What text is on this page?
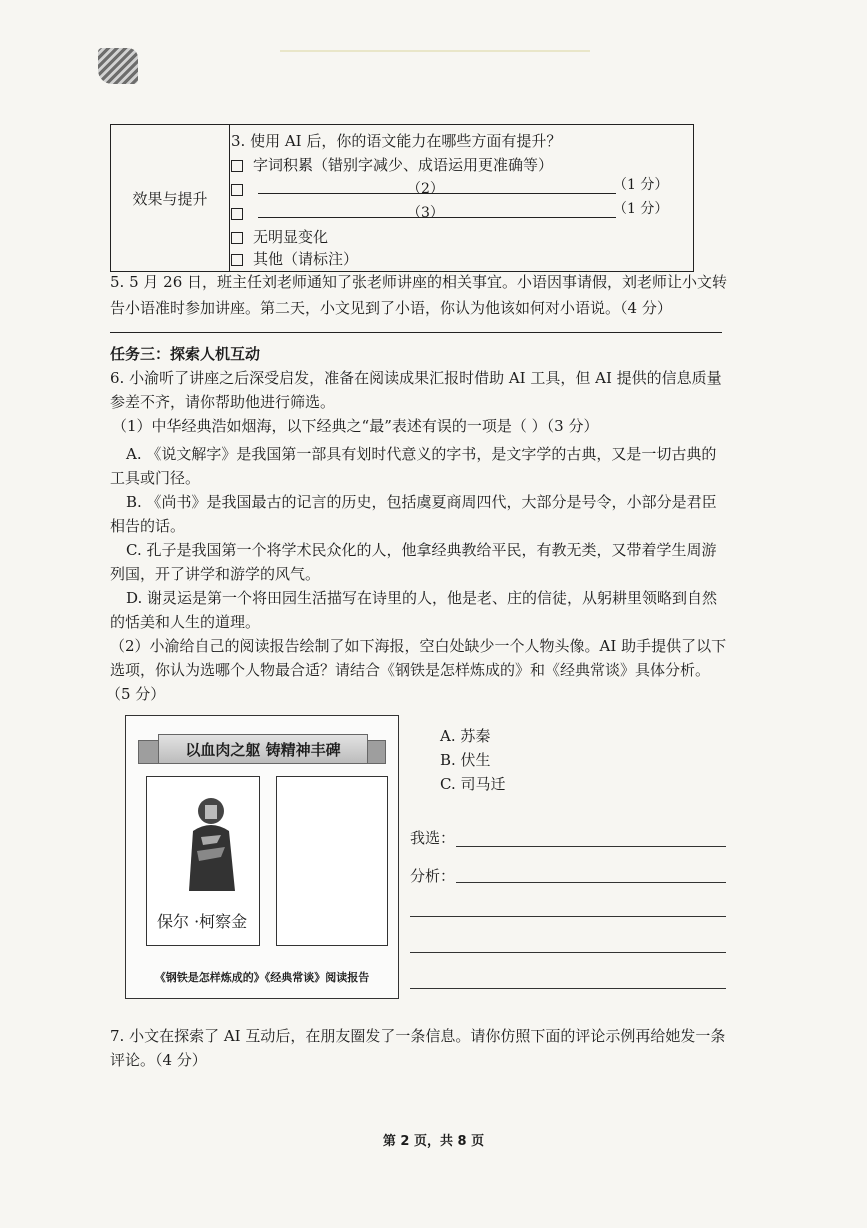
效果与提升
3. 使用 AI 后，你的语文能力在哪些方面有提升？
字词积累（错别字减少、成语运用更准确等）

（2）	（1 分）

（3）	（1 分）
无明显变化
其他（请标注）
5. 5 月 26 日，班主任刘老师通知了张老师讲座的相关事宜。小语因事请假，刘老师让小文转
告小语准时参加讲座。第二天，小文见到了小语，你认为他该如何对小语说。（4 分）
任务三：探索人机互动
6. 小渝听了讲座之后深受启发，准备在阅读成果汇报时借助 AI 工具，但 AI 提供的信息质量
参差不齐，请你帮助他进行筛选。
（1）中华经典浩如烟海，以下经典之“最”表述有误的一项是（ ）（3 分）
A. 《说文解字》是我国第一部具有划时代意义的字书，是文字学的古典，又是一切古典的
工具或门径。
B. 《尚书》是我国最古的记言的历史，包括虞夏商周四代，大部分是号令，小部分是君臣
相告的话。
C. 孔子是我国第一个将学术民众化的人，他拿经典教给平民，有教无类，又带着学生周游
列国，开了讲学和游学的风气。
D. 谢灵运是第一个将田园生活描写在诗里的人，他是老、庄的信徒，从躬耕里领略到自然
的恬美和人生的道理。
（2）小渝给自己的阅读报告绘制了如下海报，空白处缺少一个人物头像。AI 助手提供了以下
选项，你认为选哪个人物最合适？请结合《钢铁是怎样炼成的》和《经典常谈》具体分析。
（5 分）
以血肉之躯 铸精神丰碑
保尔 ·柯察金
《钢铁是怎样炼成的》《经典常谈》阅读报告
A. 苏秦
B. 伏生
C. 司马迁
我选：
分析：
7. 小文在探索了 AI 互动后，在朋友圈发了一条信息。请你仿照下面的评论示例再给她发一条
评论。（4 分）
第 2 页，共 8 页
